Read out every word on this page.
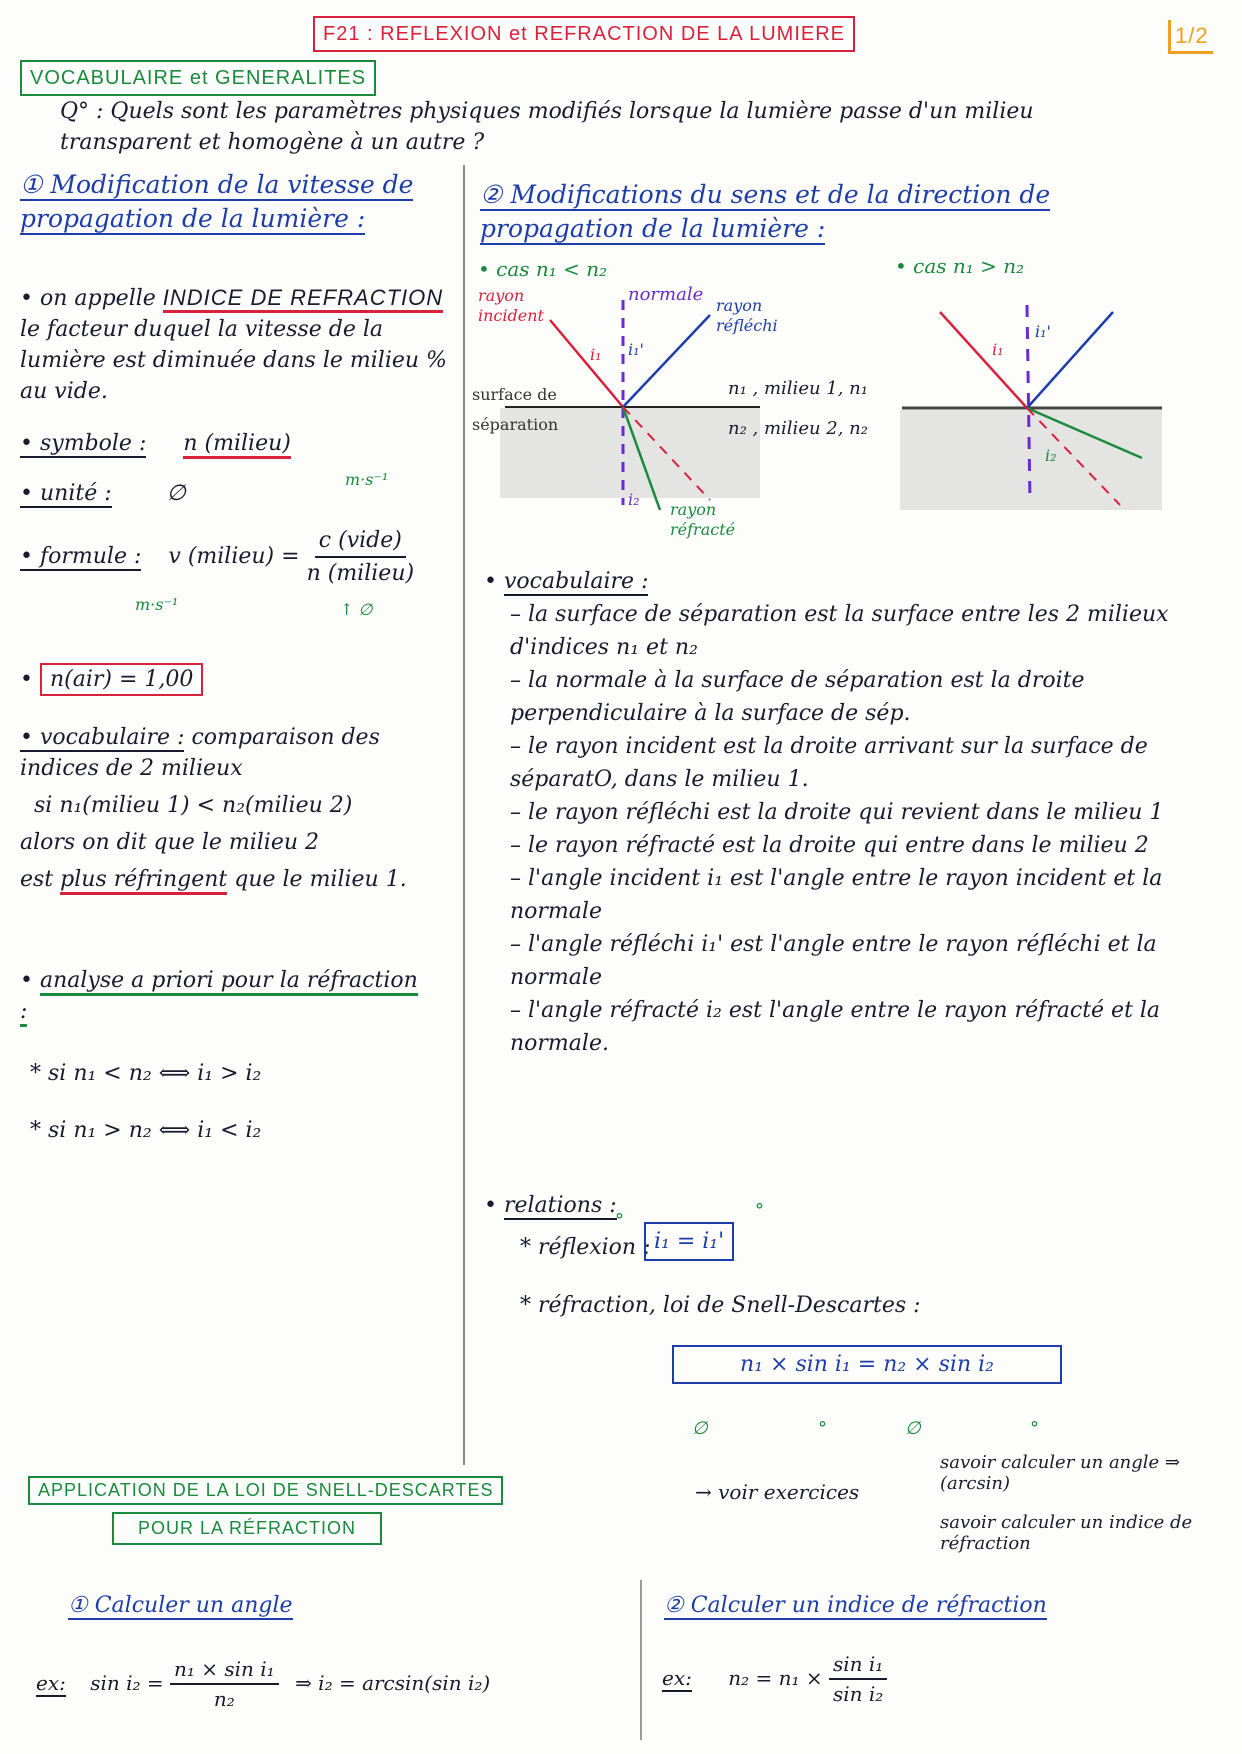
F21 : REFLEXION et REFRACTION DE LA LUMIERE	1/2
VOCABULAIRE et GENERALITES
Q° : Quels sont les paramètres physiques modifiés lorsque la lumière passe d'un milieu transparent et homogène à un autre ?
① Modification de la vitesse de propagation de la lumière :
• on appelle INDICE DE REFRACTION
le facteur duquel la vitesse de la lumière est diminuée dans le milieu % au vide.
• symbole : n (milieu)
• unité :	∅
m·s⁻¹
• formule : v (milieu) = $\frac{\text{c (vide)}}{\text{n (milieu)}}$
m·s⁻¹	↑ ∅
• n(air) = 1,00
• vocabulaire : comparaison des indices de 2 milieux
si n₁(milieu 1) < n₂(milieu 2)
alors on dit que le milieu 2
est plus réfringent que le milieu 1.
• analyse a priori pour la réfraction :
* si n₁ < n₂ ⟺ i₁ > i₂
* si n₁ > n₂ ⟺ i₁ < i₂
② Modifications du sens et de la direction de propagation de la lumière :
• cas n₁ < n₂	• cas n₁ > n₂
rayon incident
normale
rayon réfléchi
i₁ i₁'
surface de séparation
n₁ , milieu 1, n₁
n₂ , milieu 2, n₂
i₂
rayon réfracté
i₁
i₁'
i₂
• vocabulaire :
– la surface de séparation est la surface entre les 2 milieux d'indices n₁ et n₂
– la normale à la surface de séparation est la droite perpendiculaire à la surface de sép.
– le rayon incident est la droite arrivant sur la surface de séparatO, dans le milieu 1.
– le rayon réfléchi est la droite qui revient dans le milieu 1
– le rayon réfracté est la droite qui entre dans le milieu 2
– l'angle incident i₁ est l'angle entre le rayon incident et la normale
– l'angle réfléchi i₁' est l'angle entre le rayon réfléchi et la normale
– l'angle réfracté i₂ est l'angle entre le rayon réfracté et la normale.
• relations :
* réflexion :
°
i₁ = i₁'
°
* réfraction, loi de Snell-Descartes :
n₁ × sin i₁ = n₂ × sin i₂
∅	°	∅	°
APPLICATION DE LA LOI DE SNELL-DESCARTES
POUR LA RÉFRACTION
→ voir exercices
savoir calculer un angle ⇒ (arcsin)
savoir calculer un indice de réfraction
① Calculer un angle
ex: $\sin i_2 = \frac{\text{n₁ × sin i₁}}{\text{n₂}}$ ⇒ i₂ = arcsin(sin i₂)
② Calculer un indice de réfraction
ex: $n_2 = n_1 \times \frac{\text{sin i₁}}{\text{sin i₂}}$
